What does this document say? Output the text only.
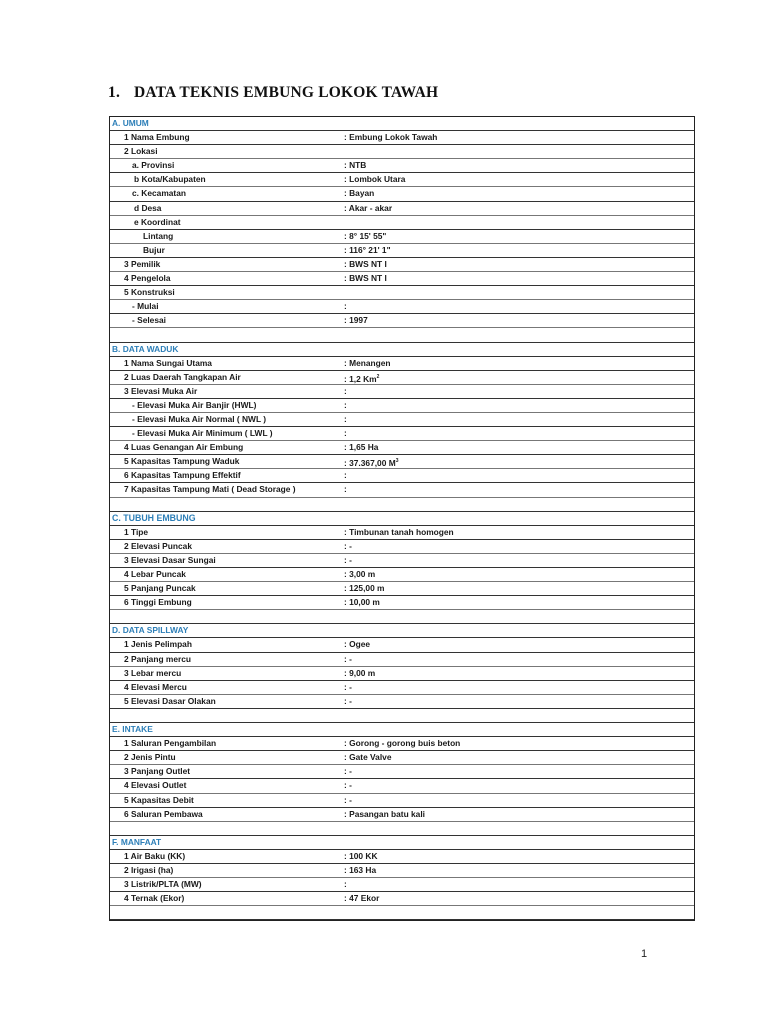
1. DATA TEKNIS EMBUNG LOKOK TAWAH
A. UMUM
1 Nama Embung	: Embung Lokok Tawah
2 Lokasi
a. Provinsi	: NTB
b Kota/Kabupaten	: Lombok Utara
c. Kecamatan	: Bayan
d Desa	: Akar - akar
e Koordinat
Lintang	: 8° 15' 55"
Bujur	: 116° 21' 1"
3 Pemilik	: BWS NT I
4 Pengelola	: BWS NT I
5 Konstruksi
- Mulai	:
- Selesai	: 1997
B. DATA WADUK
1 Nama Sungai Utama	: Menangen
2 Luas Daerah Tangkapan Air	: 1,2 Km$^2$
3 Elevasi Muka Air	:
- Elevasi Muka Air Banjir (HWL)	:
- Elevasi Muka Air Normal ( NWL )	:
- Elevasi Muka Air Minimum ( LWL )	:
4 Luas Genangan Air Embung	: 1,65 Ha
5 Kapasitas Tampung Waduk	: 37.367,00 $M^3$
6 Kapasitas Tampung Effektif	:
7 Kapasitas Tampung Mati ( Dead Storage )	:
C. TUBUH EMBUNG
1 Tipe	: Timbunan tanah homogen
2 Elevasi Puncak	: -
3 Elevasi Dasar Sungai	: -
4 Lebar Puncak	: 3,00 m
5 Panjang Puncak	: 125,00 m
6 Tinggi Embung	: 10,00 m
D. DATA SPILLWAY
1 Jenis Pelimpah	: Ogee
2 Panjang mercu	: -
3 Lebar mercu	: 9,00 m
4 Elevasi Mercu	: -
5 Elevasi Dasar Olakan	: -
E. INTAKE
1 Saluran Pengambilan	: Gorong - gorong buis beton
2 Jenis Pintu	: Gate Valve
3 Panjang Outlet	: -
4 Elevasi Outlet	: -
5 Kapasitas Debit	: -
6 Saluran Pembawa	: Pasangan batu kali
F. MANFAAT
1 Air Baku (KK)	: 100 KK
2 Irigasi (ha)	: 163 Ha
3 Listrik/PLTA (MW)	:
4 Ternak (Ekor)	: 47 Ekor
1
